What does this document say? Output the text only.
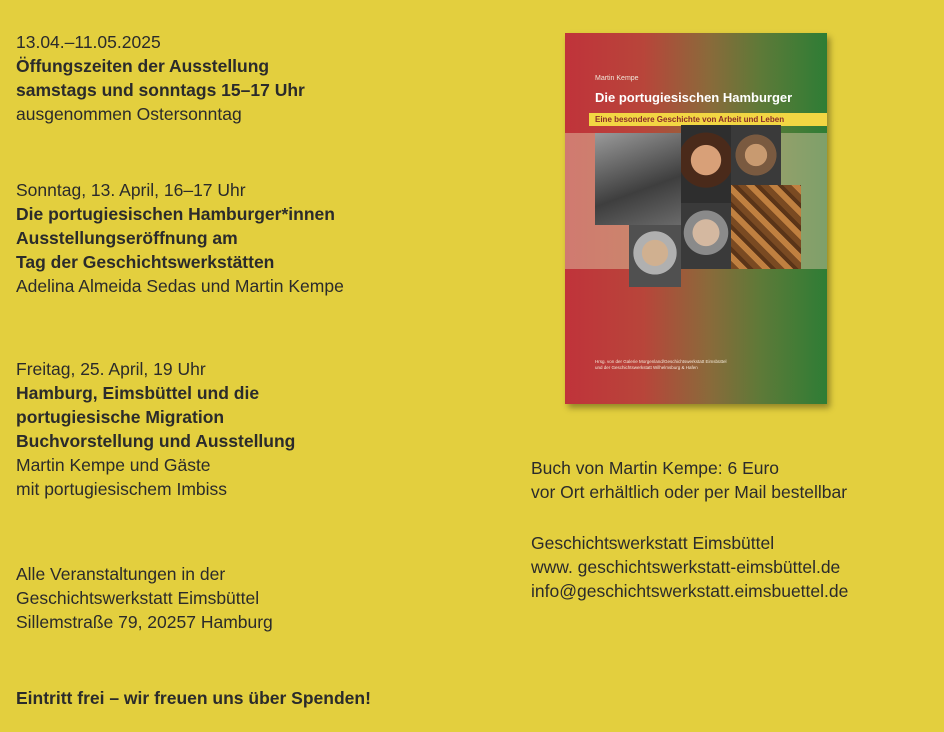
13.04.–11.05.2025
Öffungszeiten der Ausstellung
samstags und sonntags 15–17 Uhr
ausgenommen Ostersonntag
Sonntag, 13. April, 16–17 Uhr
Die portugiesischen Hamburger*innen
Ausstellungseröffnung am
Tag der Geschichtswerkstätten
Adelina Almeida Sedas und Martin Kempe
Freitag, 25. April, 19 Uhr
Hamburg, Eimsbüttel und die
portugiesische Migration
Buchvorstellung und Ausstellung
Martin Kempe und Gäste
mit portugiesischem Imbiss
Alle Veranstaltungen in der
Geschichtswerkstatt Eimsbüttel
Sillemstraße 79, 20257 Hamburg
Eintritt frei – wir freuen uns über Spenden!
Martin Kempe
Die portugiesischen Hamburger
Eine besondere Geschichte von Arbeit und Leben
Hrsg. von der Galerie Morgenland/Geschichtswerkstatt Eimsbüttel
und der Geschichtswerkstatt Wilhelmsburg & Hafen
Buch von Martin Kempe: 6 Euro
vor Ort erhältlich oder per Mail bestellbar
Geschichtswerkstatt Eimsbüttel
www. geschichtswerkstatt-eimsbüttel.de
info@geschichtswerkstatt.eimsbuettel.de
